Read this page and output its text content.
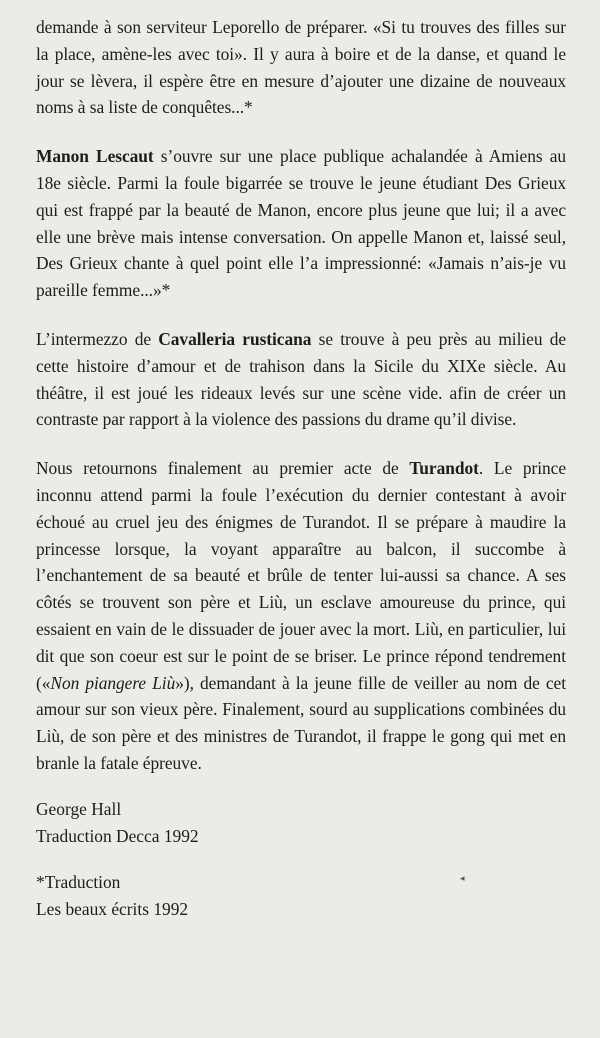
demande à son serviteur Leporello de préparer. «Si tu trouves des filles sur la place, amène-les avec toi». Il y aura à boire et de la danse, et quand le jour se lèvera, il espère être en mesure d’ajouter une dizaine de nouveaux noms à sa liste de conquêtes...*

Manon Lescaut s’ouvre sur une place publique achalandée à Amiens au 18e siècle. Parmi la foule bigarrée se trouve le jeune étudiant Des Grieux qui est frappé par la beauté de Manon, encore plus jeune que lui; il a avec elle une brève mais intense conversation. On appelle Manon et, laissé seul, Des Grieux chante à quel point elle l’a impressionné: «Jamais n’ais-je vu pareille femme...»*

L’intermezzo de Cavalleria rusticana se trouve à peu près au milieu de cette histoire d’amour et de trahison dans la Sicile du XIXe siècle. Au théâtre, il est joué les rideaux levés sur une scène vide. afin de créer un contraste par rapport à la violence des passions du drame qu’il divise.

Nous retournons finalement au premier acte de Turandot. Le prince inconnu attend parmi la foule l’exécution du dernier contestant à avoir échoué au cruel jeu des énigmes de Turandot. Il se prépare à maudire la princesse lorsque, la voyant apparaître au balcon, il succombe à l’enchantement de sa beauté et brûle de tenter lui-aussi sa chance. A ses côtés se trouvent son père et Liù, un esclave amoureuse du prince, qui essaient en vain de le dissuader de jouer avec la mort. Liù, en particulier, lui dit que son coeur est sur le point de se briser. Le prince répond tendrement («Non piangere Liù»), demandant à la jeune fille de veiller au nom de cet amour sur son vieux père. Finalement, sourd au supplications combinées du Liù, de son père et des ministres de Turandot, il frappe le gong qui met en branle la fatale épreuve.

George Hall

Traduction Decca 1992

*Traduction

Les beaux écrits 1992

◂
